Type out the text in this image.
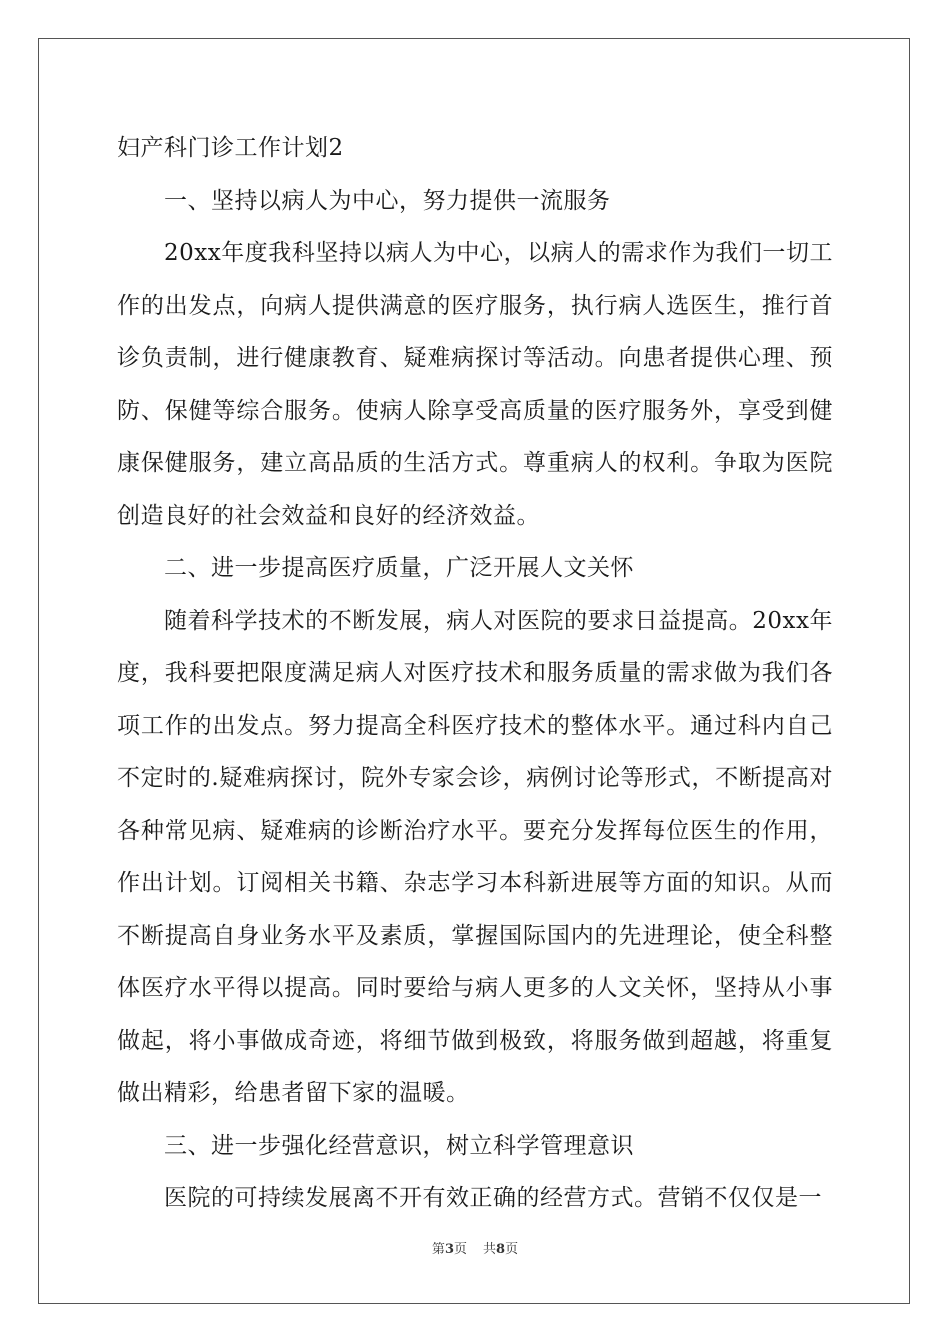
妇产科门诊工作计划2

一、坚持以病人为中心，努力提供一流服务

20xx年度我科坚持以病人为中心，以病人的需求作为我们一切工作的出发点，向病人提供满意的医疗服务，执行病人选医生，推行首诊负责制，进行健康教育、疑难病探讨等活动。向患者提供心理、预防、保健等综合服务。使病人除享受高质量的医疗服务外，享受到健康保健服务，建立高品质的生活方式。尊重病人的权利。争取为医院创造良好的社会效益和良好的经济效益。

二、进一步提高医疗质量，广泛开展人文关怀

随着科学技术的不断发展，病人对医院的要求日益提高。20xx年度，我科要把限度满足病人对医疗技术和服务质量的需求做为我们各项工作的出发点。努力提高全科医疗技术的整体水平。通过科内自己不定时的.疑难病探讨，院外专家会诊，病例讨论等形式，不断提高对各种常见病、疑难病的诊断治疗水平。要充分发挥每位医生的作用，作出计划。订阅相关书籍、杂志学习本科新进展等方面的知识。从而不断提高自身业务水平及素质，掌握国际国内的先进理论，使全科整体医疗水平得以提高。同时要给与病人更多的人文关怀，坚持从小事做起，将小事做成奇迹，将细节做到极致，将服务做到超越，将重复做出精彩，给患者留下家的温暖。

三、进一步强化经营意识，树立科学管理意识

医院的可持续发展离不开有效正确的经营方式。营销不仅仅是一

第3页 共8页
